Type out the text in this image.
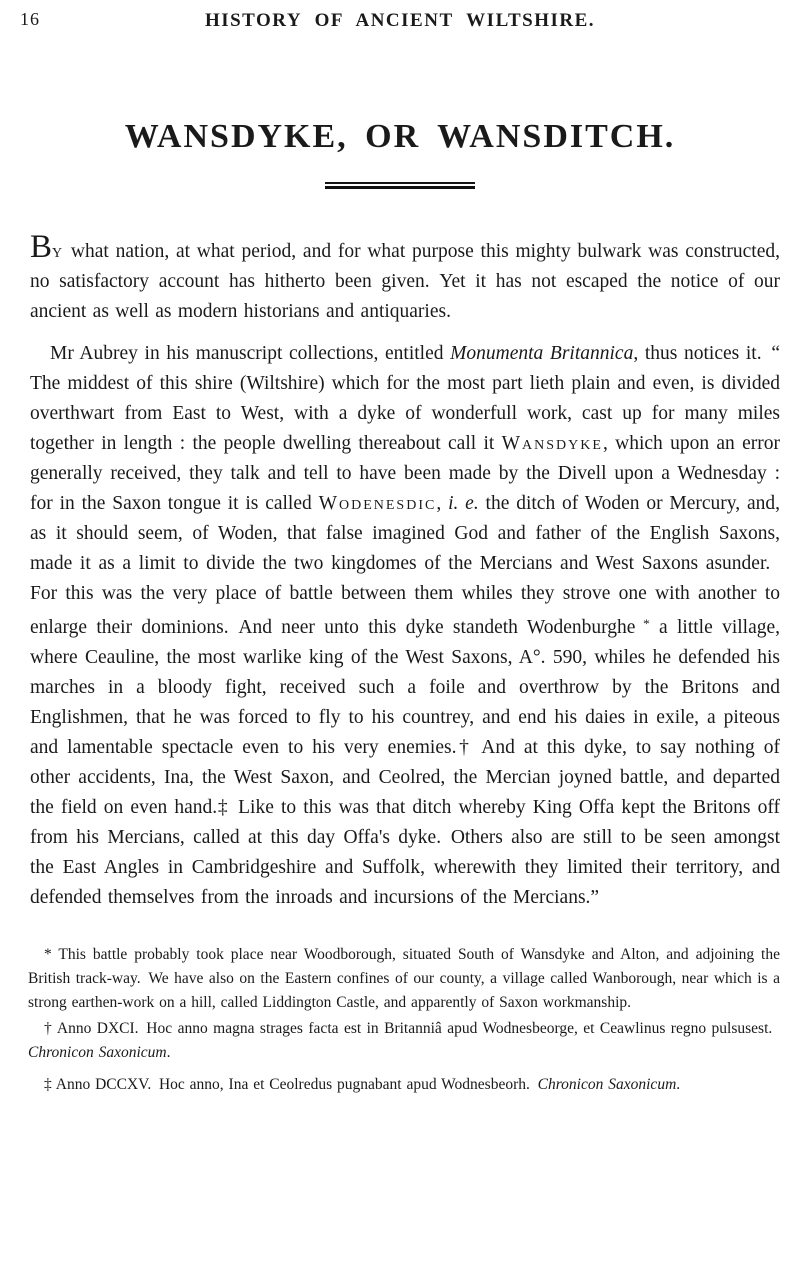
16	HISTORY OF ANCIENT WILTSHIRE.
WANSDYKE, OR WANSDITCH.

By what nation, at what period, and for what purpose this mighty bulwark was constructed, no satisfactory account has hitherto been given. Yet it has not escaped the notice of our ancient as well as modern historians and antiquaries.

Mr Aubrey in his manuscript collections, entitled Monumenta Britannica, thus notices it. “ The middest of this shire (Wiltshire) which for the most part lieth plain and even, is divided overthwart from East to West, with a dyke of wonderfull work, cast up for many miles together in length : the people dwelling thereabout call it Wansdyke, which upon an error generally received, they talk and tell to have been made by the Divell upon a Wednesday : for in the Saxon tongue it is called Wodenesdic, i. e. the ditch of Woden or Mercury, and, as it should seem, of Woden, that false imagined God and father of the English Saxons, made it as a limit to divide the two kingdomes of the Mercians and West Saxons asunder. For this was the very place of battle between them whiles they strove one with another to enlarge their dominions. And neer unto this dyke standeth Wodenburghe * a little village, where Ceauline, the most warlike king of the West Saxons, A°. 590, whiles he defended his marches in a bloody fight, received such a foile and overthrow by the Britons and Englishmen, that he was forced to fly to his countrey, and end his daies in exile, a piteous and lamentable spectacle even to his very enemies.† And at this dyke, to say nothing of other accidents, Ina, the West Saxon, and Ceolred, the Mercian joyned battle, and departed the field on even hand.‡ Like to this was that ditch whereby King Offa kept the Britons off from his Mercians, called at this day Offa's dyke. Others also are still to be seen amongst the East Angles in Cambridgeshire and Suffolk, wherewith they limited their territory, and defended themselves from the inroads and incursions of the Mercians.”

* This battle probably took place near Woodborough, situated South of Wansdyke and Alton, and adjoining the British track-way. We have also on the Eastern confines of our county, a village called Wanborough, near which is a strong earthen-work on a hill, called Liddington Castle, and apparently of Saxon workmanship.

† Anno DXCI. Hoc anno magna strages facta est in Britanniâ apud Wodnesbeorge, et Ceawlinus regno pulsusest. Chronicon Saxonicum.

‡ Anno DCCXV. Hoc anno, Ina et Ceolredus pugnabant apud Wodnesbeorh. Chronicon Saxonicum.
